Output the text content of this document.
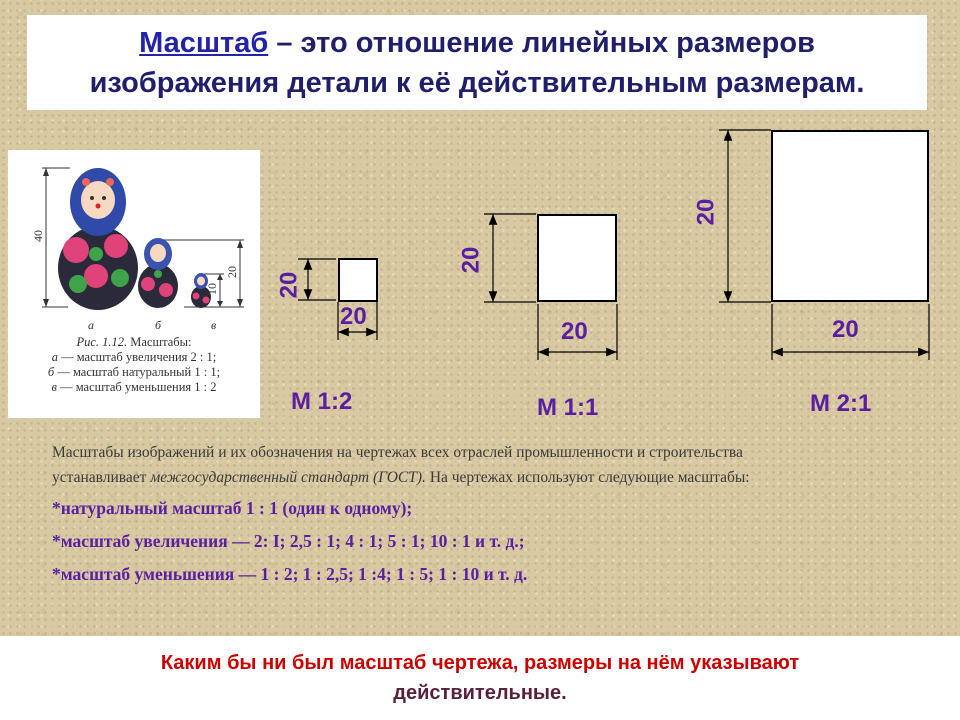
Масштаб – это отношение линейных размеров
изображения детали к её действительным размерам.
40
20
10
а	б	в
Рис. 1.12. Масштабы:
а — масштаб увеличения 2 : 1;
б — масштаб натуральный 1 : 1;
в — масштаб уменьшения 1 : 2
20
20
20
20
20
20
М 1:2	М 1:1	М 2:1
Масштабы изображений и их обозначения на чертежах всех отраслей промышленности и строительства
устанавливает межгосударственный стандарт (ГОСТ). На чертежах используют следующие масштабы:
*натуральный масштаб 1 : 1 (один к одному);
*масштаб увеличения — 2: I; 2,5 : 1; 4 : 1; 5 : 1; 10 : 1 и т. д.;
*масштаб уменьшения — 1 : 2; 1 : 2,5; 1 :4; 1 : 5; 1 : 10 и т. д.
Каким бы ни был масштаб чертежа, размеры на нём указывают
действительные.
